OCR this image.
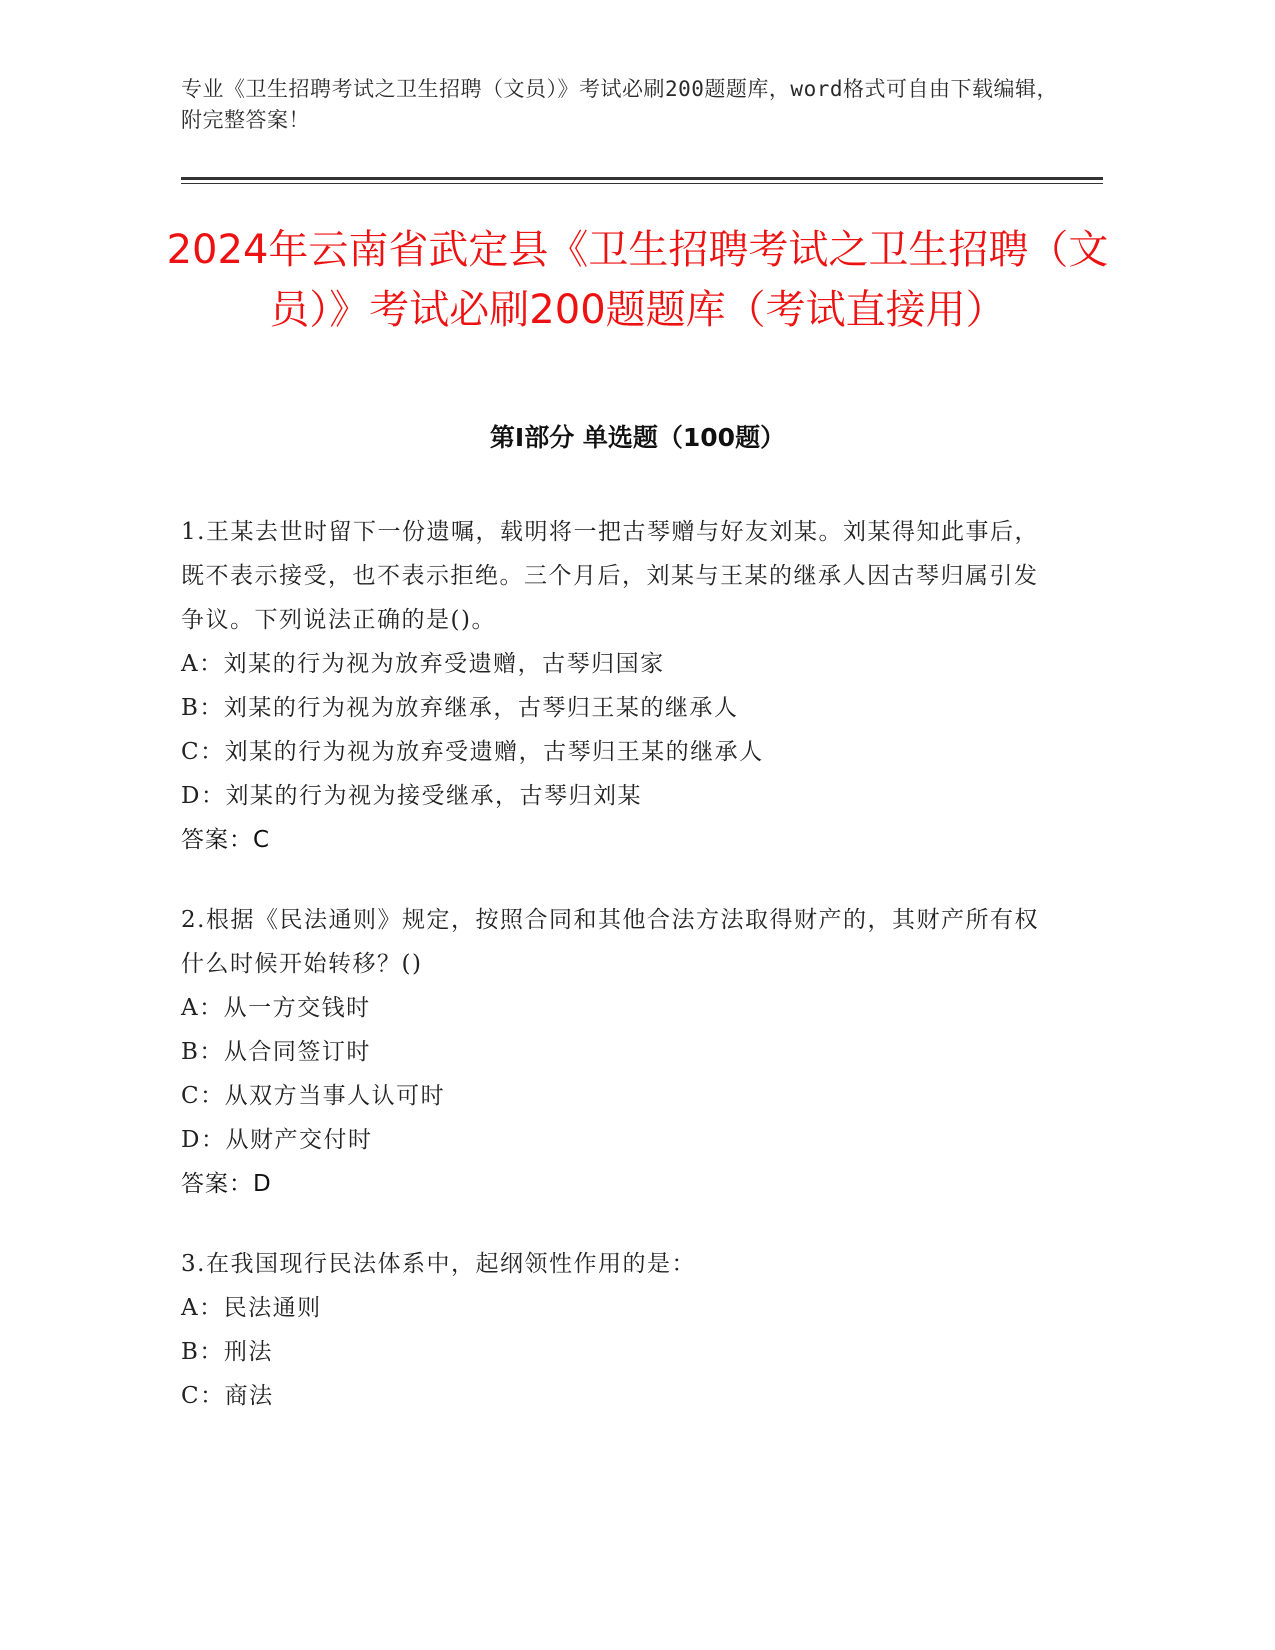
专业《卫生招聘考试之卫生招聘（文员）》考试必刷200题题库，word格式可自由下载编辑，附完整答案！
2024年云南省武定县《卫生招聘考试之卫生招聘（文员）》考试必刷200题题库（考试直接用）
第Ⅰ部分 单选题（100题）
1.王某去世时留下一份遗嘱，载明将一把古琴赠与好友刘某。刘某得知此事后，既不表示接受，也不表示拒绝。三个月后，刘某与王某的继承人因古琴归属引发争议。下列说法正确的是()。
A：刘某的行为视为放弃受遗赠，古琴归国家
B：刘某的行为视为放弃继承，古琴归王某的继承人
C：刘某的行为视为放弃受遗赠，古琴归王某的继承人
D：刘某的行为视为接受继承，古琴归刘某
答案：C
2.根据《民法通则》规定，按照合同和其他合法方法取得财产的，其财产所有权什么时候开始转移？()
A：从一方交钱时
B：从合同签订时
C：从双方当事人认可时
D：从财产交付时
答案：D
3.在我国现行民法体系中，起纲领性作用的是：
A：民法通则
B：刑法
C：商法
